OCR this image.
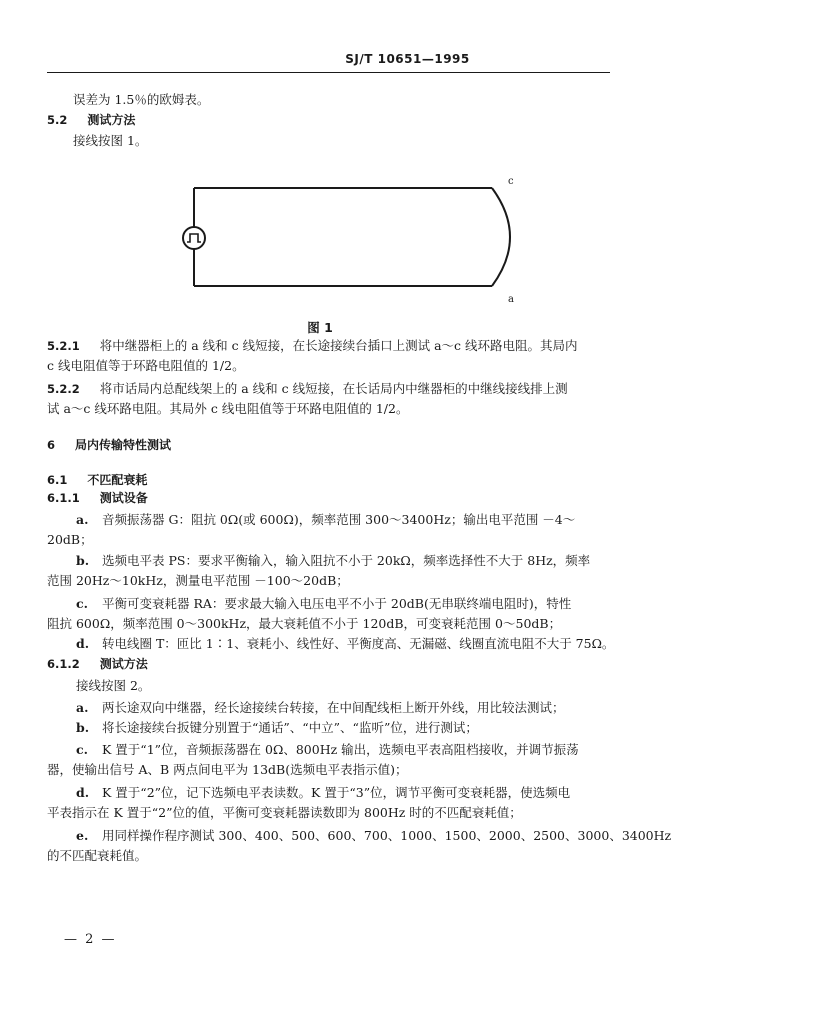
SJ/T 10651—1995
误差为 1.5％的欧姆表。
5.2 测试方法
接线按图 1。
c
a
图 1
5.2.1 将中继器柜上的 a 线和 c 线短接，在长途接续台插口上测试 a～c 线环路电阻。其局内
c 线电阻值等于环路电阻值的 1/2。
5.2.2 将市话局内总配线架上的 a 线和 c 线短接，在长话局内中继器柜的中继线接线排上测
试 a～c 线环路电阻。其局外 c 线电阻值等于环路电阻值的 1/2。
6 局内传输特性测试
6.1 不匹配衰耗
6.1.1 测试设备
a. 音频振荡器 G：阻抗 0Ω(或 600Ω)，频率范围 300～3400Hz；输出电平范围 －4～
20dB；
b. 选频电平表 PS：要求平衡输入，输入阻抗不小于 20kΩ，频率选择性不大于 8Hz，频率
范围 20Hz～10kHz，测量电平范围 －100～20dB；
c. 平衡可变衰耗器 RA：要求最大输入电压电平不小于 20dB(无串联终端电阻时)，特性
阻抗 600Ω，频率范围 0～300kHz，最大衰耗值不小于 120dB，可变衰耗范围 0～50dB；
d. 转电线圈 T：匝比 1∶1、衰耗小、线性好、平衡度高、无漏磁、线圈直流电阻不大于 75Ω。
6.1.2 测试方法
接线按图 2。
a. 两长途双向中继器，经长途接续台转接，在中间配线柜上断开外线，用比较法测试；
b. 将长途接续台扳键分别置于“通话”、“中立”、“监听”位，进行测试；
c. K 置于“1”位，音频振荡器在 0Ω、800Hz 输出，选频电平表高阻档接收，并调节振荡
器，使输出信号 A、B 两点间电平为 13dB(选频电平表指示值)；
d. K 置于“2”位，记下选频电平表读数。K 置于“3”位，调节平衡可变衰耗器，使选频电
平表指示在 K 置于“2”位的值，平衡可变衰耗器读数即为 800Hz 时的不匹配衰耗值；
e. 用同样操作程序测试 300、400、500、600、700、1000、1500、2000、2500、3000、3400Hz
的不匹配衰耗值。
— 2 —
